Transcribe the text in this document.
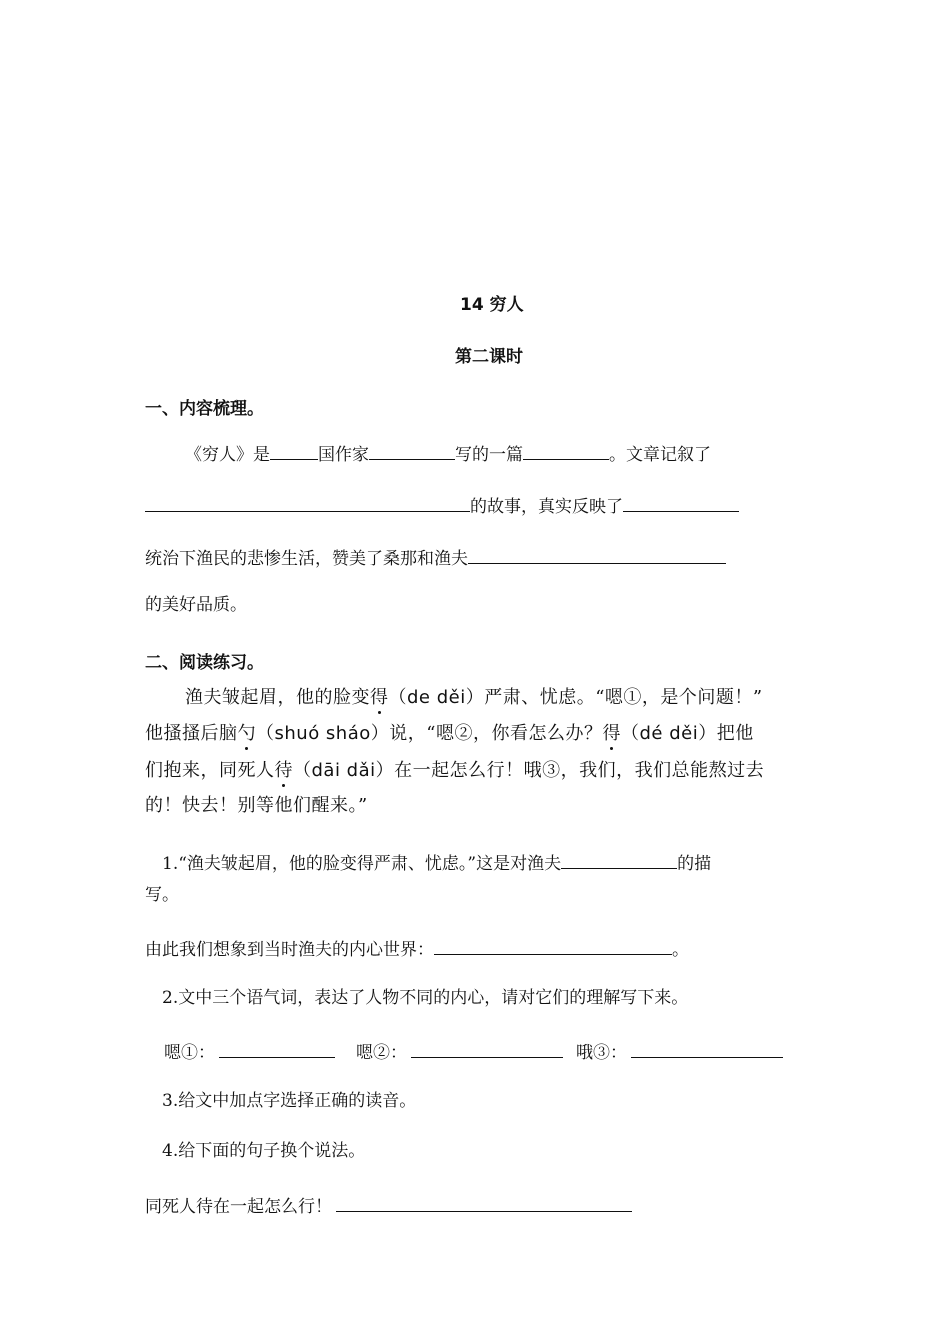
14 穷人
第二课时
一、内容梳理。
《穷人》是	国作家	写的一篇	。文章记叙了
的故事，真实反映了
统治下渔民的悲惨生活，赞美了桑那和渔夫
的美好品质。
二、阅读练习。
渔夫皱起眉，他的脸变得（de děi）严肃、忧虑。“嗯①，是个问题！”
他搔搔后脑勺（shuó sháo）说，“嗯②，你看怎么办？得（dé děi）把他
们抱来，同死人待（dāi dǎi）在一起怎么行！哦③，我们，我们总能熬过去
的！快去！别等他们醒来。”
1.“渔夫皱起眉，他的脸变得严肃、忧虑。”这是对渔夫	的描
写。
由此我们想象到当时渔夫的内心世界：	。
2.文中三个语气词，表达了人物不同的内心，请对它们的理解写下来。
嗯①：	嗯②：	哦③：
3.给文中加点字选择正确的读音。
4.给下面的句子换个说法。
同死人待在一起怎么行！
